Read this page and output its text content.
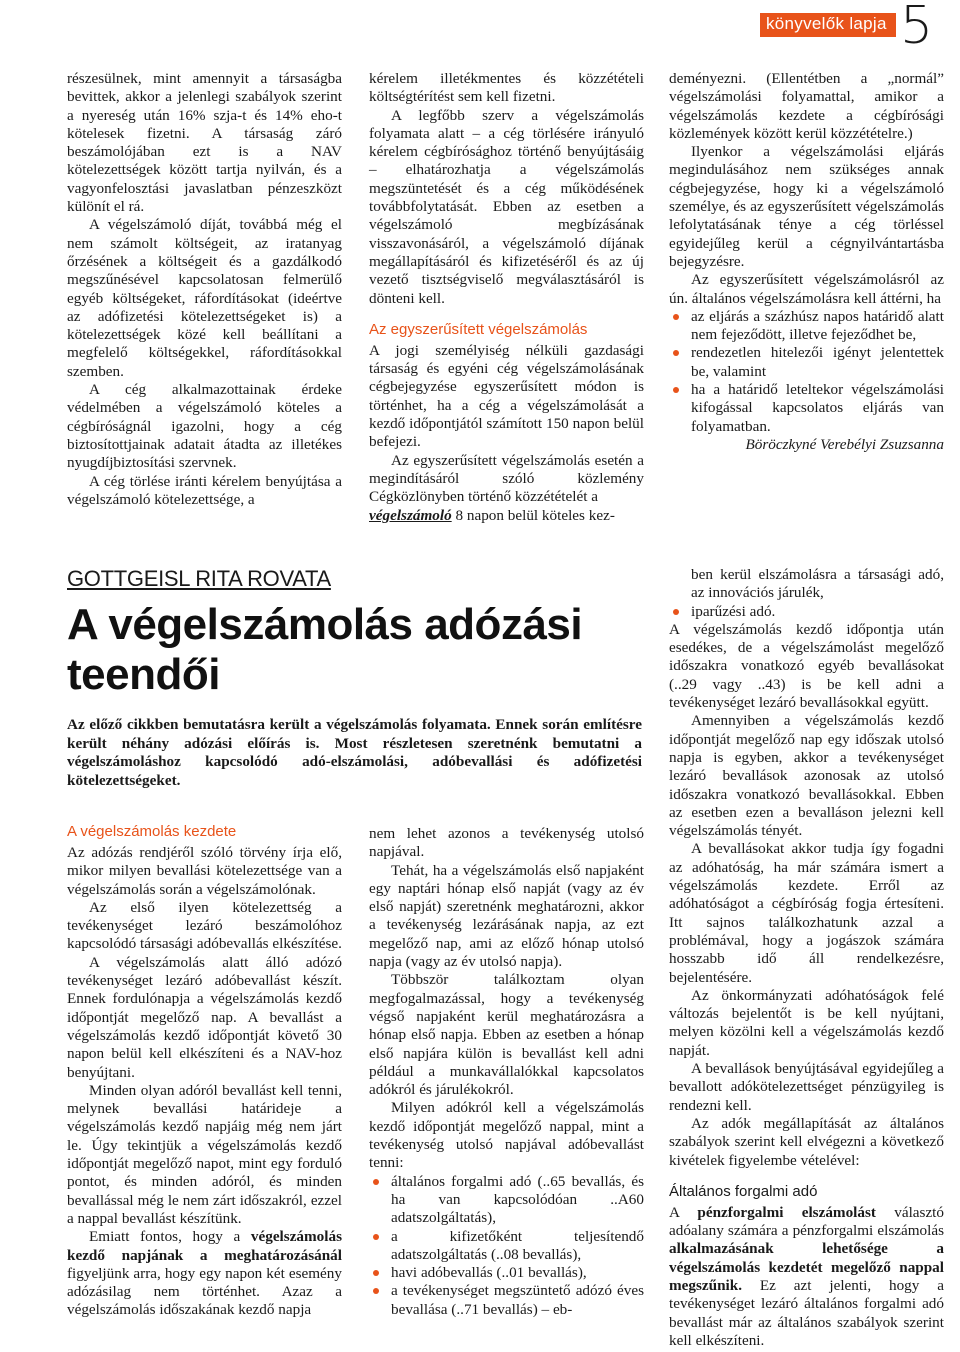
könyvelők lapja 5

részesülnek, mint amennyit a társaságba bevittek, akkor a jelenlegi szabályok szerint a nyereség után 16% szja-t és 14% eho-t kötelesek fizetni. A társaság záró beszámolójában ezt is a NAV kötelezettségek között tartja nyilván, és a vagyonfelosztási javaslatban pénzeszközt különít el rá.

A végelszámoló díját, továbbá még el nem számolt költségeit, az iratanyag őrzésének a költségeit és a gazdálkodó megszűnésével kapcsolatosan felmerülő egyéb költségeket, ráfordításokat (ideértve az adófizetési kötelezettségeket is) a kötelezettségek közé kell beállítani a megfelelő költségekkel, ráfordításokkal szemben.

A cég alkalmazottainak érdeke védelmében a végelszámoló köteles a cégbíróságnál igazolni, hogy a cég biztosítottjainak adatait átadta az illetékes nyugdíjbiztosítási szervnek.

A cég törlése iránti kérelem benyújtása a végelszámoló kötelezettsége, a

kérelem illetékmentes és közzétételi költségtérítést sem kell fizetni.

A legfőbb szerv a végelszámolás folyamata alatt – a cég törlésére irányuló kérelem cégbírósághoz történő benyújtásáig – elhatározhatja a végelszámolás megszüntetését és a cég működésének továbbfolytatását. Ebben az esetben a végelszámoló megbízásának visszavonásáról, a végelszámoló díjának megállapításáról és kifizetéséről és az új vezető tisztségviselő megválasztásáról is dönteni kell.

Az egyszerűsített végelszámolás

A jogi személyiség nélküli gazdasági társaság és egyéni cég végelszámolásának cégbejegyzése egyszerűsített módon is történhet, ha a cég a végelszámolását a kezdő időpontjától számított 150 napon belül befejezi.

Az egyszerűsített végelszámolás esetén a megindításáról szóló közlemény Cégközlönyben történő közzétételét a

végelszámoló 8 napon belül köteles kez-

deményezni. (Ellentétben a „normál” végelszámolási folyamattal, amikor a végelszámolás kezdete a cégbírósági közlemények között kerül közzétételre.)

Ilyenkor a végelszámolási eljárás megindulásához nem szükséges annak cégbejegyzése, hogy ki a végelszámoló személye, és az egyszerűsített végelszámolás lefolytatásának ténye a cég törléssel egyidejűleg kerül a cégnyilvántartásba bejegyzésre.

Az egyszerűsített végelszámolásról az ún. általános végelszámolásra kell áttérni, ha

az eljárás a százhúsz napos határidő alatt nem fejeződött, illetve fejeződhet be,
rendezetlen hitelezői igényt jelentettek be, valamint
ha a határidő leteltekor végelszámolási kifogással kapcsolatos eljárás van folyamatban.

Böröczkyné Verebélyi Zsuzsanna

GOTTGEISL RITA ROVATA
A végelszámolás adózási
teendői
Az előző cikkben bemutatásra került a végelszámolás folyamata. Ennek során említésre került néhány adózási előírás is. Most részletesen szeretnénk bemutatni a végelszámoláshoz kapcsolódó adó-elszámolási, adóbevallási és adófizetési kötelezettségeket.
A végelszámolás kezdete

Az adózás rendjéről szóló törvény írja elő, mikor milyen bevallási kötelezettsége van a végelszámolás során a végelszámolónak.

Az első ilyen kötelezettség a tevékenységet lezáró beszámolóhoz kapcsolódó társasági adóbevallás elkészítése.

A végelszámolás alatt álló adózó tevékenységet lezáró adóbevallást készít. Ennek fordulónapja a végelszámolás kezdő időpontját megelőző nap. A bevallást a végelszámolás kezdő időpontját követő 30 napon belül kell elkészíteni és a NAV-hoz benyújtani.

Minden olyan adóról bevallást kell tenni, melynek bevallási határideje a végelszámolás kezdő napjáig még nem járt le. Úgy tekintjük a végelszámolás kezdő időpontját megelőző napot, mint egy forduló pontot, és minden adóról, és minden bevallással még le nem zárt időszakról, ezzel a nappal bevallást készítünk.

Emiatt fontos, hogy a végelszámolás kezdő napjának a meghatározásánál figyeljünk arra, hogy egy napon két esemény adózásilag nem történhet. Azaz a végelszámolás időszakának kezdő napja

nem lehet azonos a tevékenység utolsó napjával.

Tehát, ha a végelszámolás első napjaként egy naptári hónap első napját (vagy az év első napját) szeretnénk meghatározni, akkor a tevékenység lezárásának napja, az ezt megelőző nap, ami az előző hónap utolsó napja (vagy az év utolsó napja).

Többször találkoztam olyan megfogalmazással, hogy a tevékenység végső napjaként kerül meghatározásra a hónap első napja. Ebben az esetben a hónap első napjára külön is bevallást kell adni például a munkavállalókkal kapcsolatos adókról és járulékokról.

Milyen adókról kell a végelszámolás kezdő időpontját megelőző nappal, mint a tevékenység utolsó napjával adóbevallást tenni:

általános forgalmi adó (..65 bevallás, és ha van kapcsolódóan ..A60 adatszolgáltatás),
a kifizetőként teljesítendő adatszolgáltatás (..08 bevallás),
havi adóbevallás (..01 bevallás),
a tevékenységet megszüntető adózó éves bevallása (..71 bevallás) – eb-
ben kerül elszámolásra a társasági adó, az innovációs járulék,
iparűzési adó.

A végelszámolás kezdő időpontja után esedékes, de a végelszámolást megelőző időszakra vonatkozó egyéb bevallásokat (..29 vagy ..43) is be kell adni a tevékenységet lezáró bevallásokkal együtt.

Amennyiben a végelszámolás kezdő időpontját megelőző nap egy időszak utolsó napja is egyben, akkor a tevékenységet lezáró bevallások azonosak az utolsó időszakra vonatkozó bevallásokkal. Ebben az esetben ezen a bevalláson jelezni kell végelszámolás tényét.

A bevallásokat akkor tudja így fogadni az adóhatóság, ha már számára ismert a végelszámolás kezdete. Erről az adóhatóságot a cégbíróság fogja értesíteni. Itt sajnos találkozhatunk azzal a problémával, hogy a jogászok számára hosszabb idő áll rendelkezésre, bejelentésére.

Az önkormányzati adóhatóságok felé változás bejelentőt is be kell nyújtani, melyen közölni kell a végelszámolás kezdő napját.

A bevallások benyújtásával egyidejűleg a bevallott adókötelezettséget pénzügyileg is rendezni kell.

Az adók megállapítását az általános szabályok szerint kell elvégezni a következő kivételek figyelembe vételével:

Általános forgalmi adó

A pénzforgalmi elszámolást választó adóalany számára a pénzforgalmi elszámolás alkalmazásának lehetősége a végelszámolás kezdetét megelőző nappal megszűnik. Ez azt jelenti, hogy a tevékenységet lezáró általános forgalmi adó bevallást már az általános szabályok szerint kell elkészíteni.
